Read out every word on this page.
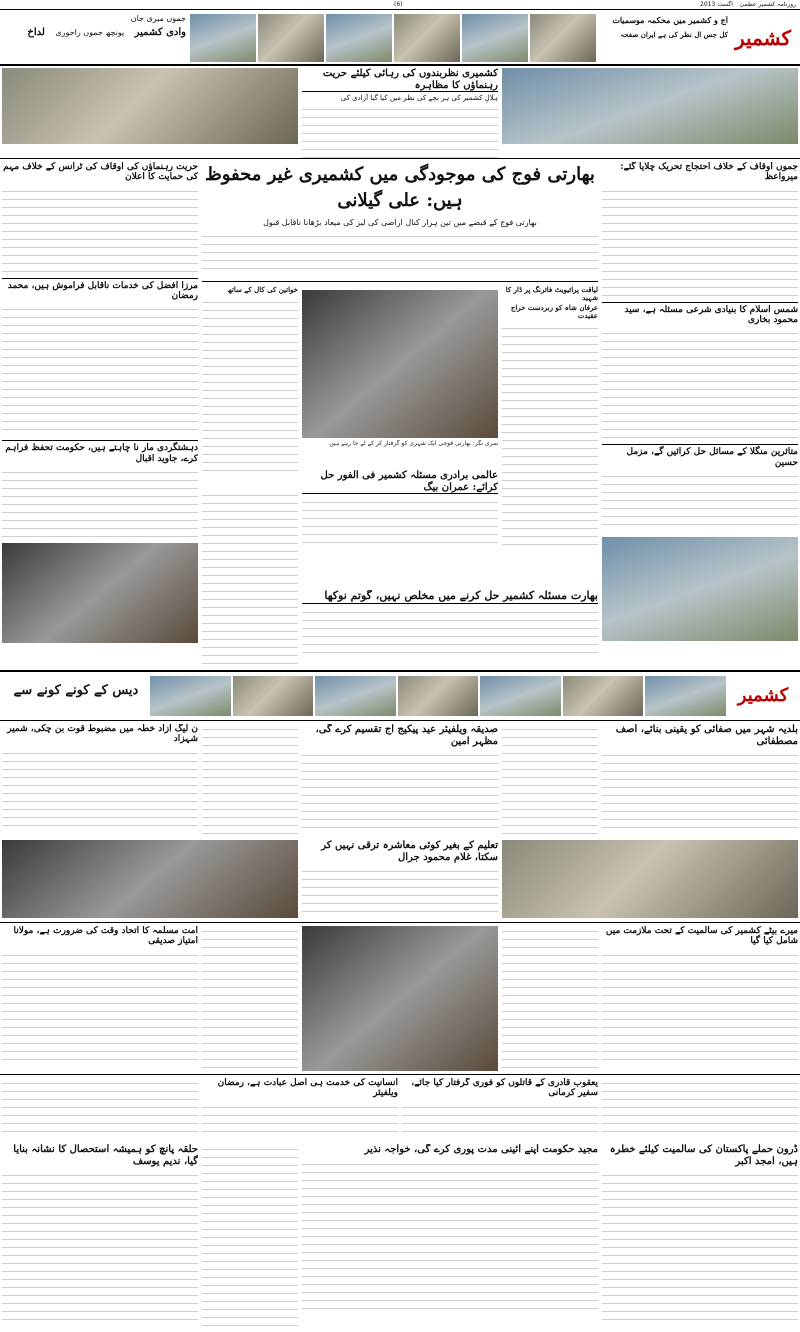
2013 اگست
(6)	روزنامہ کشمیر عظمیٰ
کشمیر
آج و کشمیر میں محکمہ موسمیات
کل جس ال نظر کی ہے ایران صفحہ
جموں میری جان
وادی کشمیر   پونچھ جموں راجوری   لداخ
کشمیری نظربندوں کی رہائی کیلئے حریت رہنماؤں کا مظاہرہ
ہلالِ کشمیر کی ہر بچے کی نظر میں کیا گیا آزادی کی
حریت رہنماؤں کی اوقاف کی ٹرانس کے خلاف مہم کی حمایت کا اعلان
مرزا افضل کی خدمات ناقابل فراموش ہیں، محمد رمضان
دہشتگردی مار نا چاہتے ہیں، حکومت تحفظ فراہم کرے، جاوید اقبال
بھارتی فوج کی موجودگی میں کشمیری غیر محفوظ ہیں: علی گیلانی
بھارتی فوج کے قبضے میں تین ہزار کنال اراضی کی لیز کی میعاد بڑھانا ناقابل قبول
خواتین کی کال کے ساتھ
سری نگر: بھارتی فوجی ایک شہری کو گرفتار کر کے لے جا رہے ہیں
لیاقت پرائیویٹ فائرنگ پر ڈار کا شہید
عرفان شاہ کو زبردست خراج عقیدت
عالمی برادری مسئلہ کشمیر فی الفور حل کرائے: عمران بیگ
بھارت مسئلہ کشمیر حل کرنے میں مخلص نہیں، گوتم نوکھا
جموں اوقاف کے خلاف احتجاج تحریک چلایا گئے: میرواعظ
شمس اسلام کا بنیادی شرعی مسئلہ ہے، سید محمود بخاری
متاثرین منگلا کے مسائل حل کرائیں گے، مزمل حسین
کشمیر
دیس کے کونے کونے سے
بلدیہ شہر میں صفائی کو یقینی بنائے، آصف مصطفائی
صدیقہ ویلفیئر عید پیکیج آج تقسیم کرے گی، مظہر امین
ن لیگ آزاد خطہ میں مضبوط قوت بن چکی، شمیر شہزاد
تعلیم کے بغیر کوئی معاشرہ ترقی نہیں کر سکتا، غلام محمود جرال
میرے بیٹے کشمیر کی سالمیت کے تحت ملازمت میں شامل کیا گیا
امت مسلمہ کا اتحاد وقت کی ضرورت ہے، مولانا امتیاز صدیقی
یعقوب قادری کے قاتلوں کو فوری گرفتار کیا جائے، سفیر کرمانی
انسانیت کی خدمت ہی اصل عبادت ہے، رمضان ویلفیئر
ڈرون حملے پاکستان کی سالمیت کیلئے خطرہ ہیں، امجد اکبر
مجید حکومت اپنے آئینی مدت پوری کرے گی، خواجہ نذیر
حلقہ پانچ کو ہمیشہ استحصال کا نشانہ بنایا گیا، ندیم یوسف
